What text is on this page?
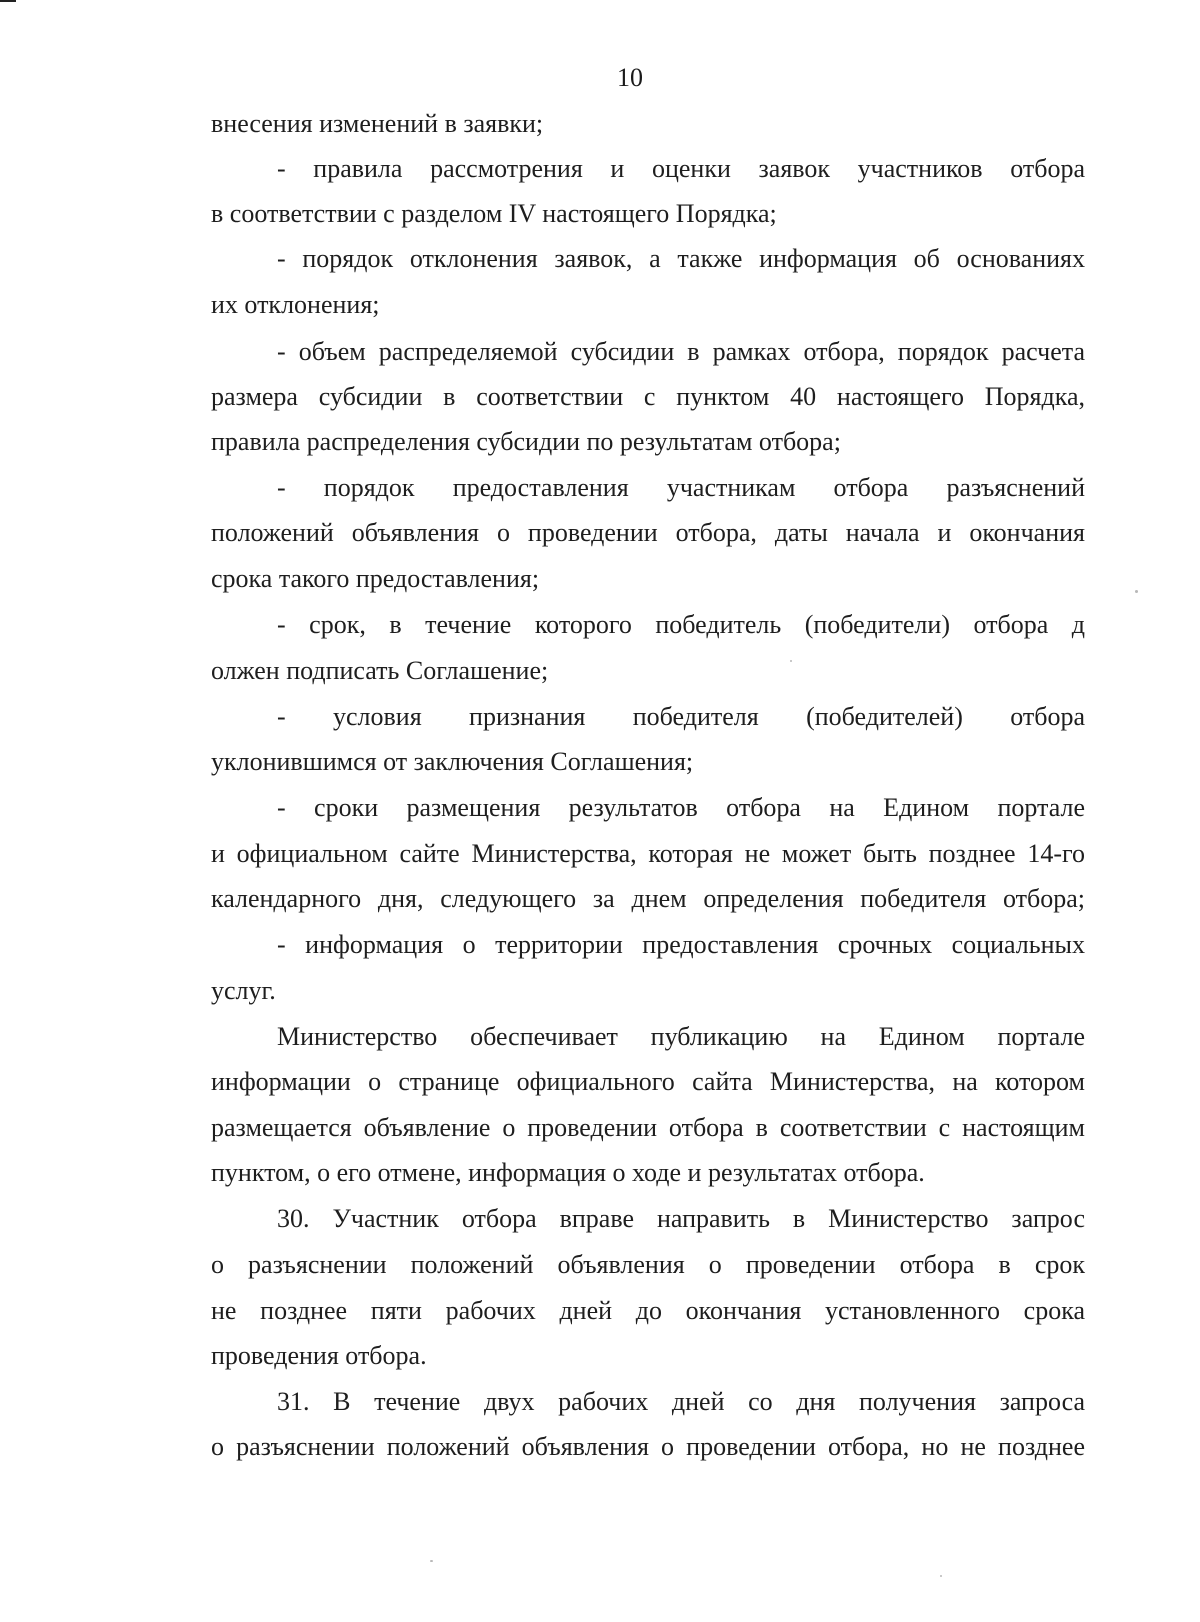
10
внесения изменений в заявки;
- правила рассмотрения и оценки заявок участников отбора
в соответствии с разделом IV настоящего Порядка;
- порядок отклонения заявок, а также информация об основаниях
их отклонения;
- объем распределяемой субсидии в рамках отбора, порядок расчета
размера субсидии в соответствии с пунктом 40 настоящего Порядка,
правила распределения субсидии по результатам отбора;
- порядок предоставления участникам отбора разъяснений
положений объявления о проведении отбора, даты начала и окончания
срока такого предоставления;
- срок, в течение которого победитель (победители) отбора д
олжен подписать Соглашение;
- условия признания победителя (победителей) отбора
уклонившимся от заключения Соглашения;
- сроки размещения результатов отбора на Едином портале
и официальном сайте Министерства, которая не может быть позднее 14-го
календарного дня, следующего за днем определения победителя отбора;
- информация о территории предоставления срочных социальных
услуг.
Министерство обеспечивает публикацию на Едином портале
информации о странице официального сайта Министерства, на котором
размещается объявление о проведении отбора в соответствии с настоящим
пунктом, о его отмене, информация о ходе и результатах отбора.
30. Участник отбора вправе направить в Министерство запрос
о разъяснении положений объявления о проведении отбора в срок
не позднее пяти рабочих дней до окончания установленного срока
проведения отбора.
31. В течение двух рабочих дней со дня получения запроса
о разъяснении положений объявления о проведении отбора, но не позднее
